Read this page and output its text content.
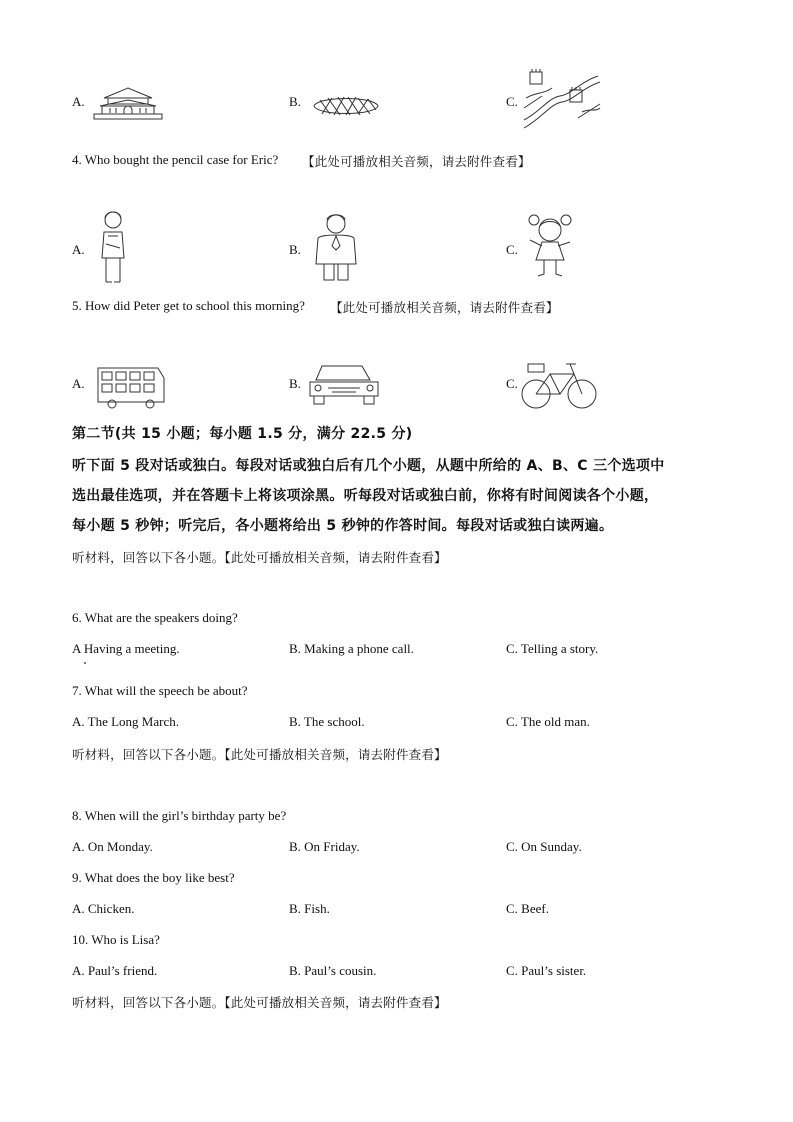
A.	B.	C.
4. Who bought the pencil case for Eric? 【此处可播放相关音频，请去附件查看】
A.	B.	C.
5. How did Peter get to school this morning? 【此处可播放相关音频，请去附件查看】
A.	B.	C.
第二节(共 15 小题；每小题 1.5 分，满分 22.5 分)
听下面 5 段对话或独白。每段对话或独白后有几个小题，从题中所给的 A、B、C 三个选项中
选出最佳选项，并在答题卡上将该项涂黑。听每段对话或独白前，你将有时间阅读各个小题，
每小题 5 秒钟；听完后，各小题将给出 5 秒钟的作答时间。每段对话或独白读两遍。
听材料，回答以下各小题。【此处可播放相关音频，请去附件查看】
6. What are the speakers doing?
A Having a meeting.	B. Making a phone call.	C. Telling a story.
7. What will the speech be about?
A. The Long March.	B. The school.	C. The old man.
听材料，回答以下各小题。【此处可播放相关音频，请去附件查看】
8. When will the girl’s birthday party be?
A. On Monday.	B. On Friday.	C. On Sunday.
9. What does the boy like best?
A. Chicken.	B. Fish.	C. Beef.
10. Who is Lisa?
A. Paul’s friend.	B. Paul’s cousin.	C. Paul’s sister.
听材料，回答以下各小题。【此处可播放相关音频，请去附件查看】
